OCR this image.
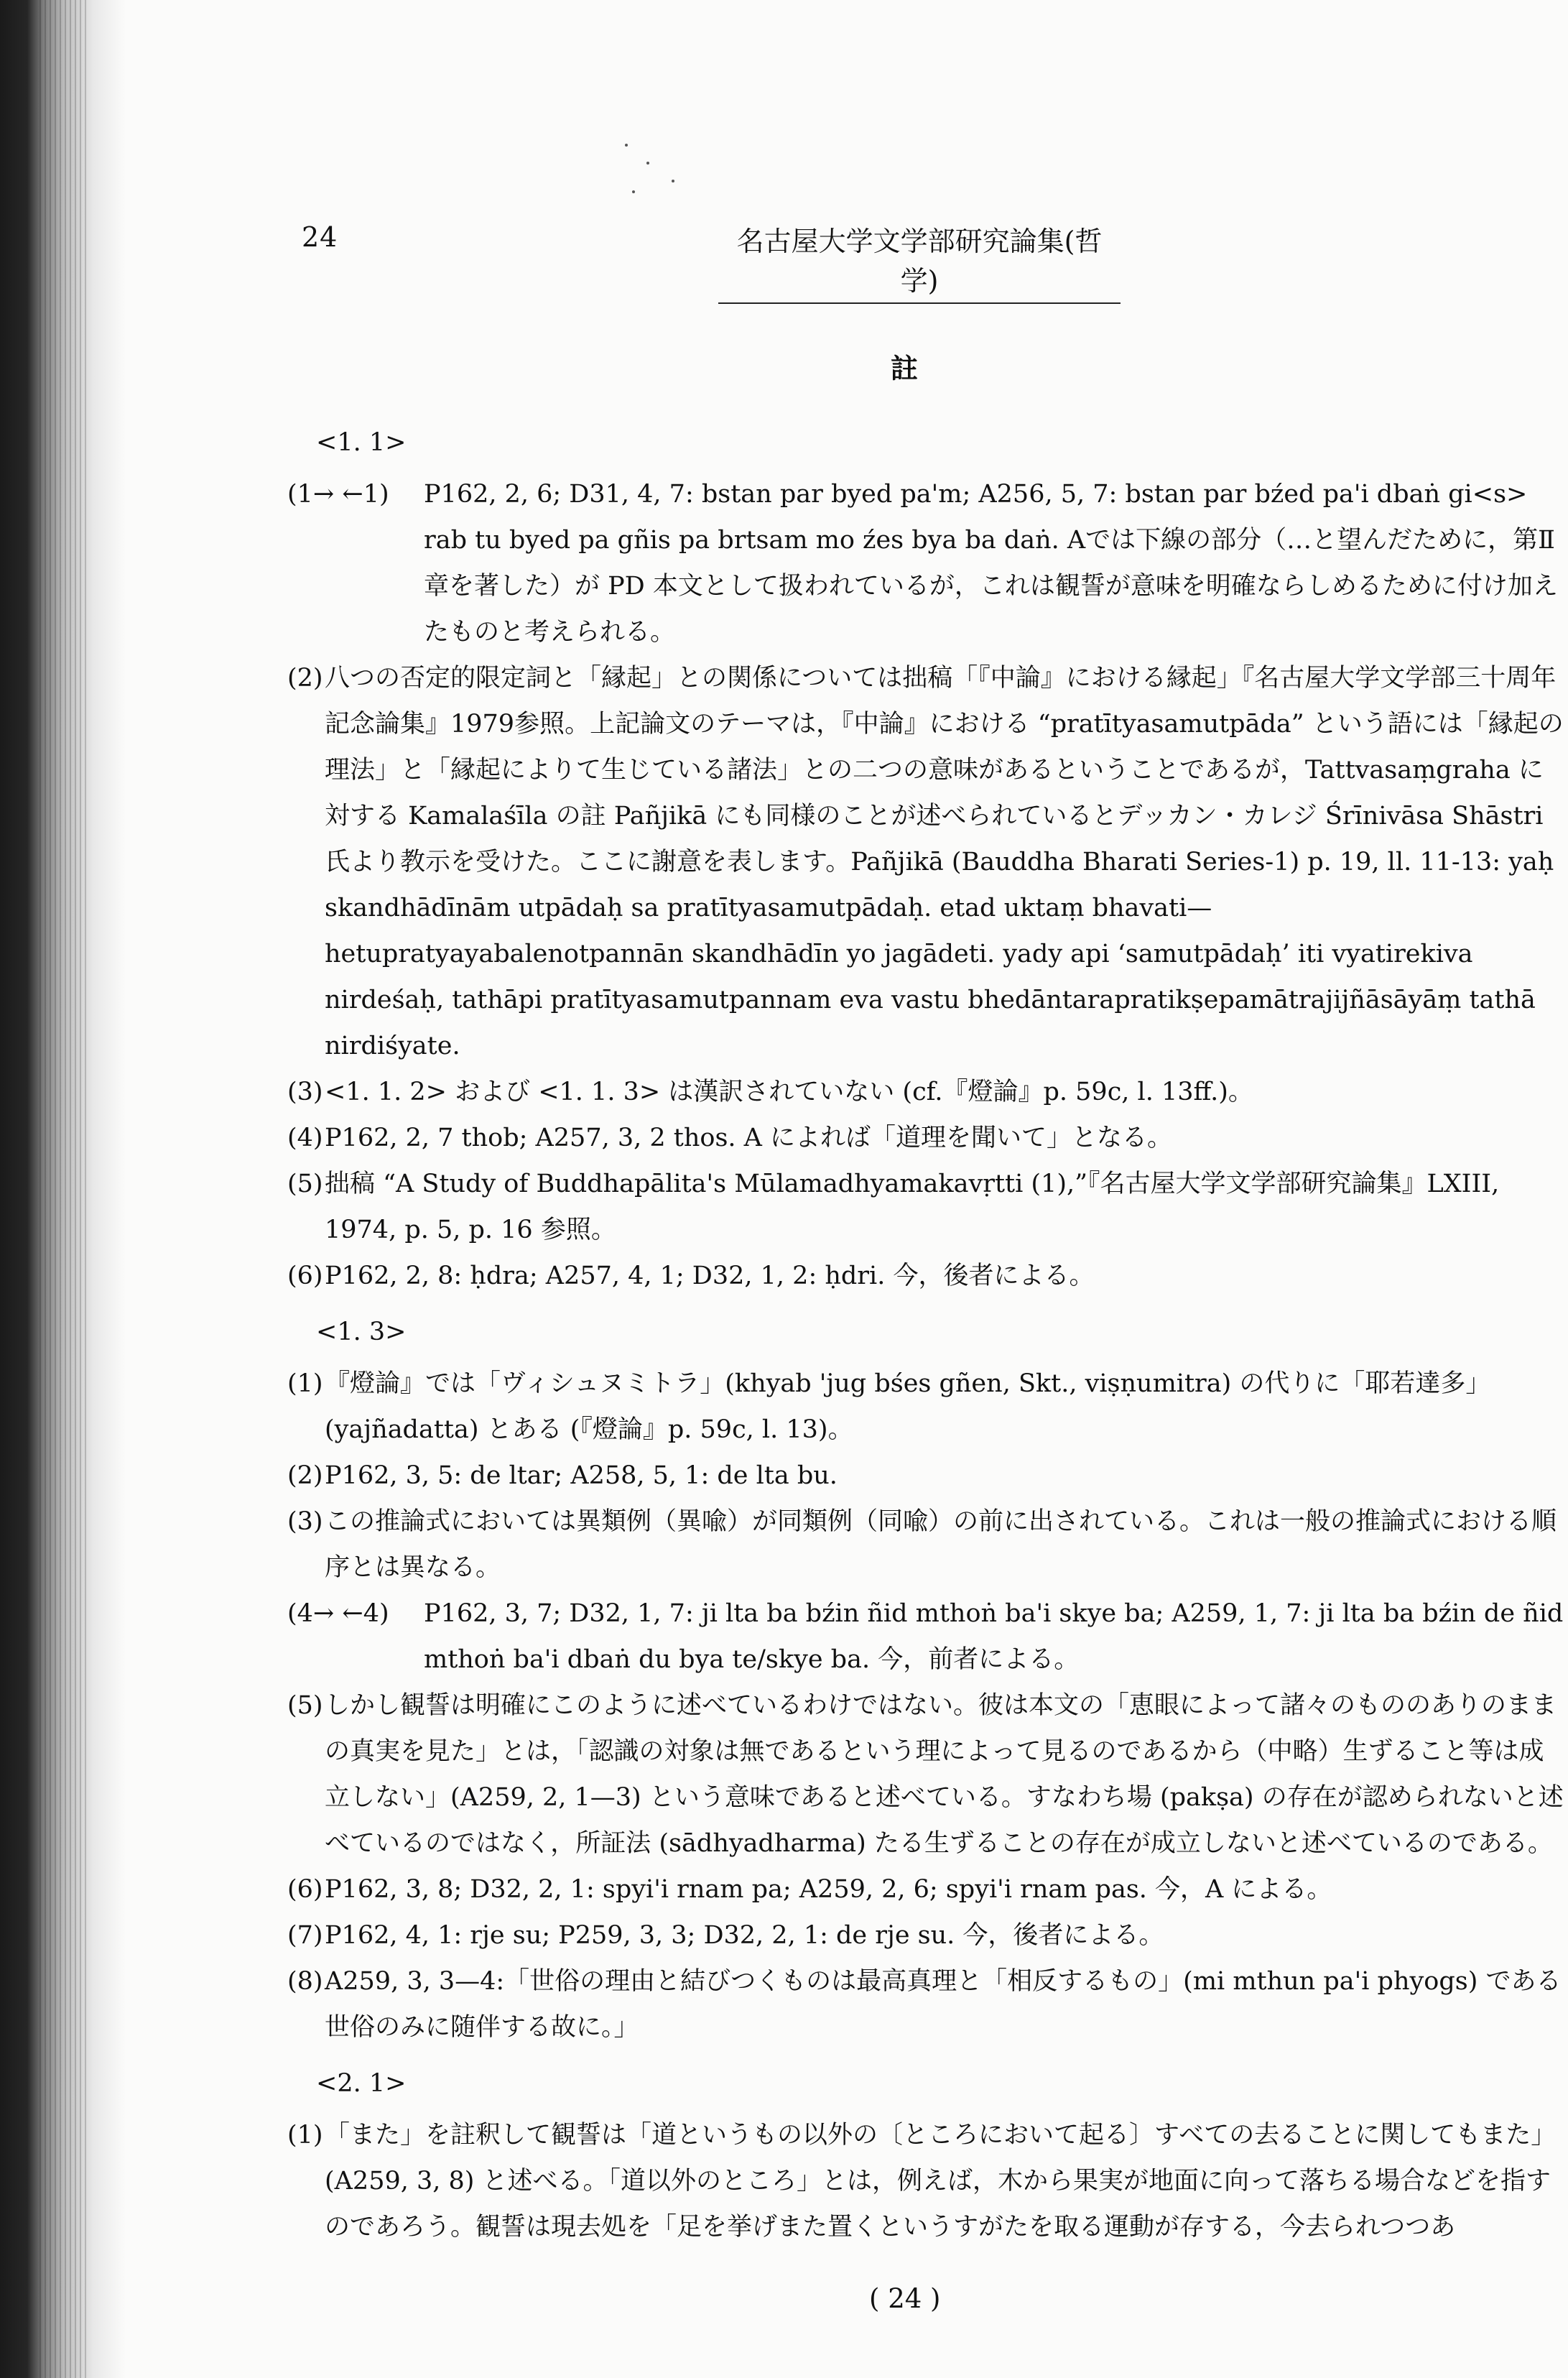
24	名古屋大学文学部研究論集(哲学)
註
<1. 1>
(1→ ←1)	P162, 2, 6; D31, 4, 7: bstan par byed pa'm; A256, 5, 7: bstan par bźed pa'i dbaṅ gi<s> rab tu byed pa gñis pa brtsam mo źes bya ba daṅ. Aでは下線の部分（…と望んだために，第Ⅱ章を著した）が PD 本文として扱われているが，これは観誓が意味を明確ならしめるために付け加えたものと考えられる。
(2) 八つの否定的限定詞と「縁起」との関係については拙稿「『中論』における縁起」『名古屋大学文学部三十周年記念論集』1979参照。上記論文のテーマは，『中論』における “pratītyasamutpāda” という語には「縁起の理法」と「縁起によりて生じている諸法」との二つの意味があるということであるが，Tattvasaṃgraha に対する Kamalaśīla の註 Pañjikā にも同様のことが述べられているとデッカン・カレジ Śrīnivāsa Shāstri 氏より教示を受けた。ここに謝意を表します。Pañjikā (Bauddha Bharati Series-1) p. 19, ll. 11-13: yaḥ skandhādīnām utpādaḥ sa pratītyasamutpādaḥ. etad uktaṃ bhavati—hetupratyayabalenotpannān skandhādīn yo jagādeti. yady api ‘samutpādaḥ’ iti vyatirekiva nirdeśaḥ, tathāpi pratītyasamutpannam eva vastu bhedāntarapratikṣepamātrajijñāsāyāṃ tathā nirdiśyate.
(3) <1. 1. 2> および <1. 1. 3> は漢訳されていない (cf.『燈論』p. 59c, l. 13ff.)。
(4) P162, 2, 7 thob; A257, 3, 2 thos. A によれば「道理を聞いて」となる。
(5) 拙稿 “A Study of Buddhapālita's Mūlamadhyamakavṛtti (1),”『名古屋大学文学部研究論集』LXIII, 1974, p. 5, p. 16 参照。
(6) P162, 2, 8: ḥdra; A257, 4, 1; D32, 1, 2: ḥdri. 今，後者による。
<1. 3>
(1) 『燈論』では「ヴィシュヌミトラ」(khyab 'jug bśes gñen, Skt., viṣṇumitra) の代りに「耶若達多」(yajñadatta) とある (『燈論』p. 59c, l. 13)。
(2) P162, 3, 5: de ltar; A258, 5, 1: de lta bu.
(3) この推論式においては異類例（異喩）が同類例（同喩）の前に出されている。これは一般の推論式における順序とは異なる。
(4→ ←4)	P162, 3, 7; D32, 1, 7: ji lta ba bźin ñid mthoṅ ba'i skye ba; A259, 1, 7: ji lta ba bźin de ñid mthoṅ ba'i dbaṅ du bya te/skye ba. 今，前者による。
(5) しかし観誓は明確にこのように述べているわけではない。彼は本文の「恵眼によって諸々のもののありのままの真実を見た」とは，「認識の対象は無であるという理によって見るのであるから（中略）生ずること等は成立しない」(A259, 2, 1—3) という意味であると述べている。すなわち場 (pakṣa) の存在が認められないと述べているのではなく，所証法 (sādhyadharma) たる生ずることの存在が成立しないと述べているのである。
(6) P162, 3, 8; D32, 2, 1: spyi'i rnam pa; A259, 2, 6; spyi'i rnam pas. 今，A による。
(7) P162, 4, 1: rje su; P259, 3, 3; D32, 2, 1: de rje su. 今，後者による。
(8) A259, 3, 3—4:「世俗の理由と結びつくものは最高真理と「相反するもの」(mi mthun pa'i phyogs) である世俗のみに随伴する故に。」
<2. 1>
(1) 「また」を註釈して観誓は「道というもの以外の〔ところにおいて起る〕すべての去ることに関してもまた」(A259, 3, 8) と述べる。「道以外のところ」とは，例えば，木から果実が地面に向って落ちる場合などを指すのであろう。観誓は現去処を「足を挙げまた置くというすがたを取る運動が存する，今去られつつあ
( 24 )
